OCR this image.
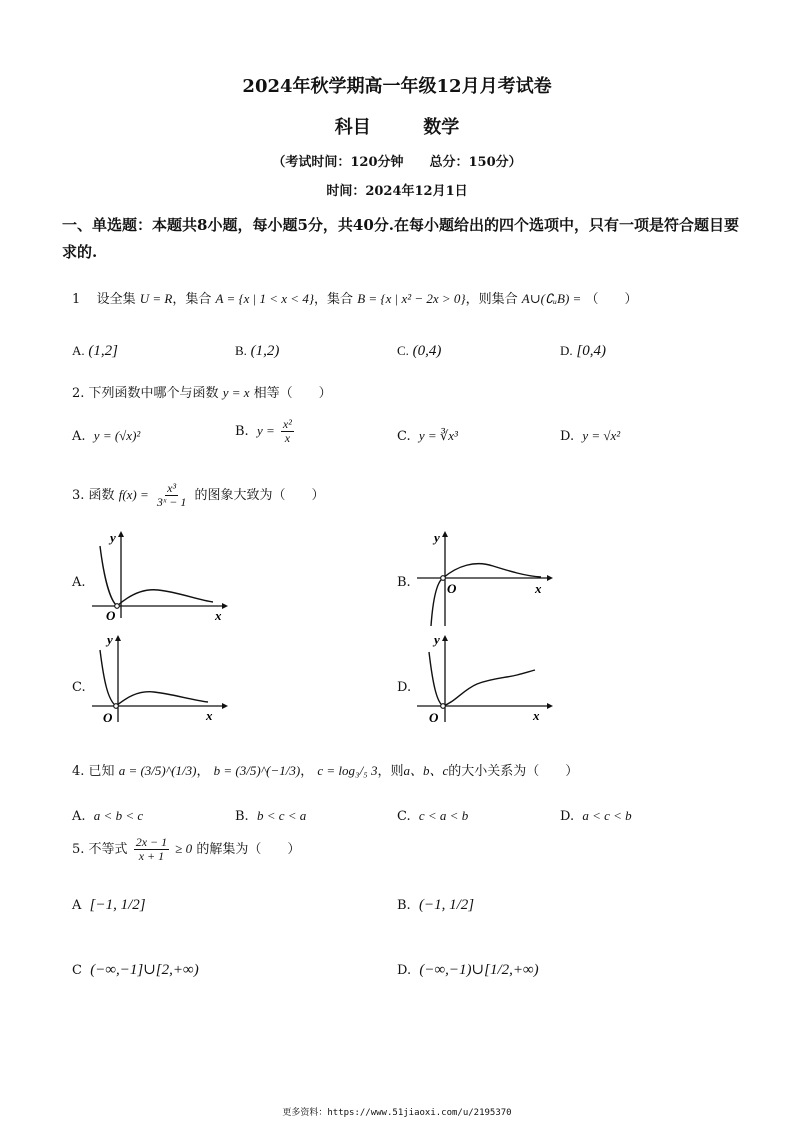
2024年秋学期高一年级12月月考试卷
科目	数学
（考试时间：120分钟　　总分：150分）
时间：2024年12月1日
一、单选题：本题共8小题，每小题5分，共40分.在每小题给出的四个选项中，只有一项是符合题目要求的.
1 设全集 U = R，集合 A = {x | 1 < x < 4}，集合 B = {x | x² − 2x > 0}，则集合 A∪(∁ᵤB) = （　　）
A. (1,2]	B. (1,2)	C. (0,4)	D. [0,4)
2. 下列函数中哪个与函数 y = x 相等（　　）
A. y = (√x)²	B. $y = \frac{\text{x²}}{x}$	C. y = ∛x³	D. y = √x²
3. 函数 $f(x) = \frac{\text{x³}}{\text{3ˣ − 1}}$ 的图象大致为（　　）
A.
y
x
O
B.
y
x
O
C.
y
x
O
D.
y
x
O
4. 已知 a = (3/5)^(1/3)， b = (3/5)^(−1/3)， c = log₃/₅ 3，则a、b、c的大小关系为（　　）
A. a < b < c	B. b < c < a	C. c < a < b	D. a < c < b
5. 不等式 $\frac{2x - 1}{x + 1} \ge 0$ 的解集为（　　）
A [−1, 1/2]	B. (−1, 1/2]
C (−∞,−1]∪[2,+∞)	D. (−∞,−1)∪[1/2,+∞)
更多资料：https://www.51jiaoxi.com/u/2195370
